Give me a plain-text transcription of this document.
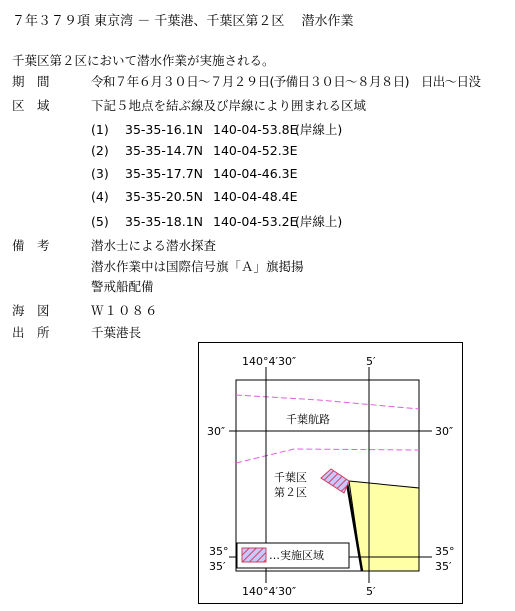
７年３７９項 東京湾 － 千葉港、千葉区第２区　 潜水作業
千葉区第２区において潜水作業が実施される。
期　間	令和７年６月３０日～７月２９日(予備日３０日～８月８日)　日出～日没
区　域	下記５地点を結ぶ線及び岸線により囲まれる区域
(1) 35-35-16.1N 140-04-53.8E(岸線上)
(2) 35-35-14.7N 140-04-52.3E
(3) 35-35-17.7N 140-04-46.3E
(4) 35-35-20.5N 140-04-48.4E
(5) 35-35-18.1N 140-04-53.2E(岸線上)
備　考	潜水士による潜水探査
潜水作業中は国際信号旗「Ａ」旗掲揚
警戒船配備
海　図	Ｗ１０８６
出　所	千葉港長
140°4′30″	5′
140°4′30″	5′
30″	30″
35°
35′
35°
35′
千葉航路
千葉区
第２区
…実施区域
